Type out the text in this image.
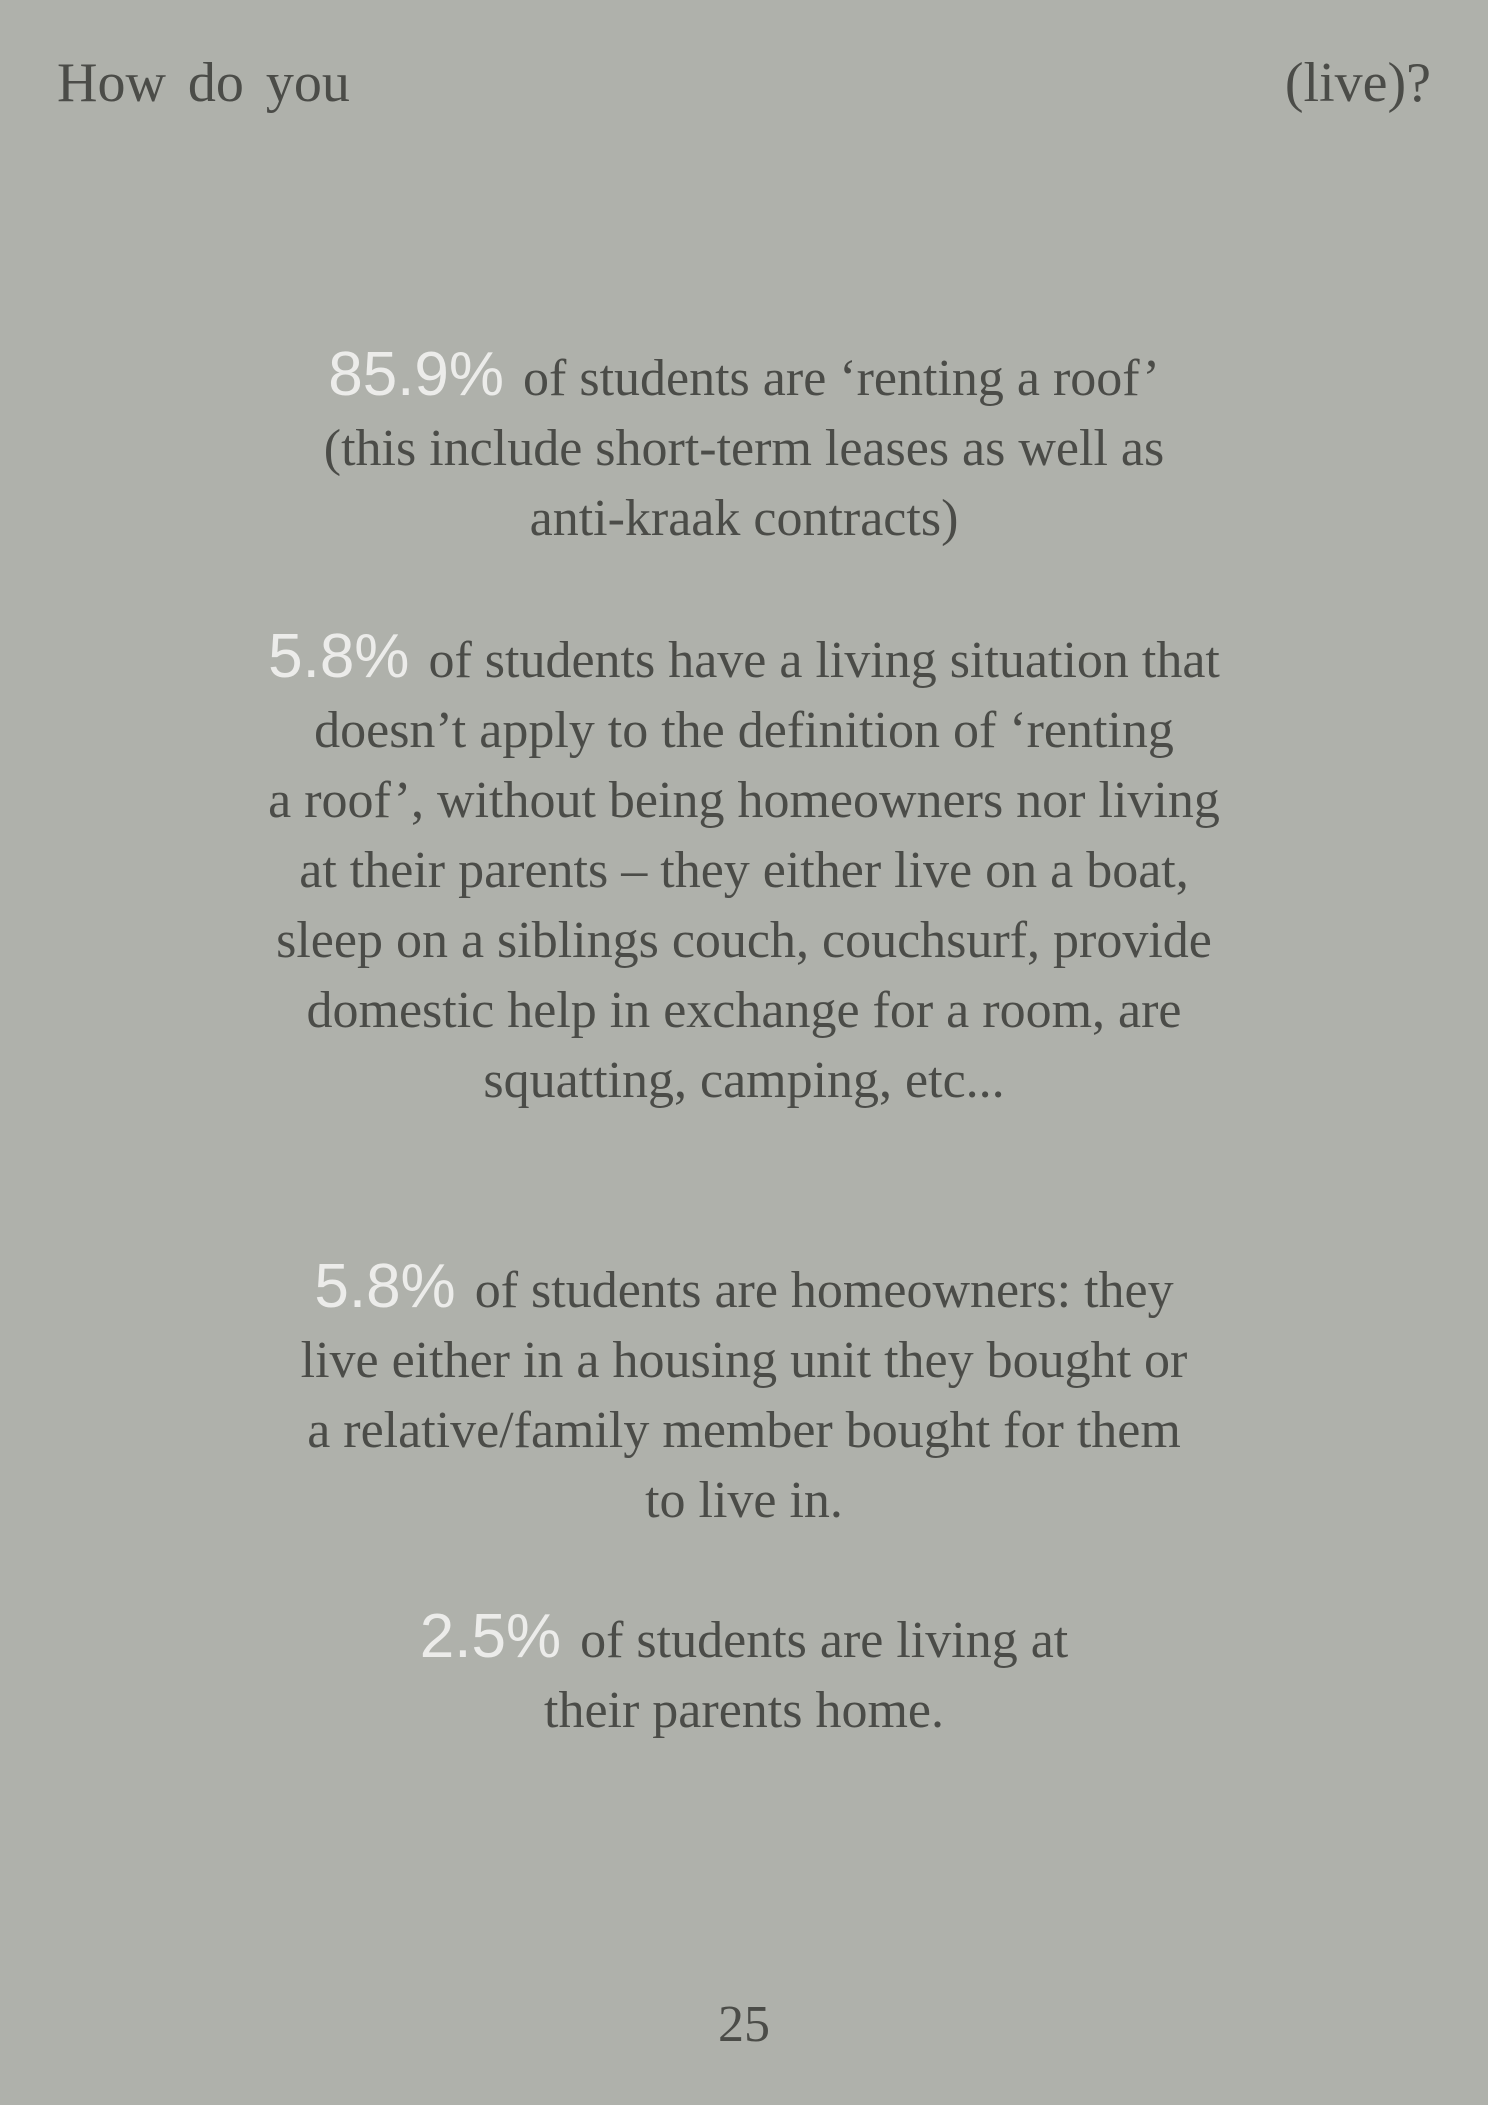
How do you	(live)?
85.9% of students are ‘renting a roof’
(this include short-term leases as well as
anti-kraak contracts)
5.8% of students have a living situation that
doesn’t apply to the definition of ‘renting
a roof’, without being homeowners nor living
at their parents – they either live on a boat,
sleep on a siblings couch, couchsurf, provide
domestic help in exchange for a room, are
squatting, camping, etc...
5.8% of students are homeowners: they
live either in a housing unit they bought or
a relative/family member bought for them
to live in.
2.5% of students are living at
their parents home.
25
